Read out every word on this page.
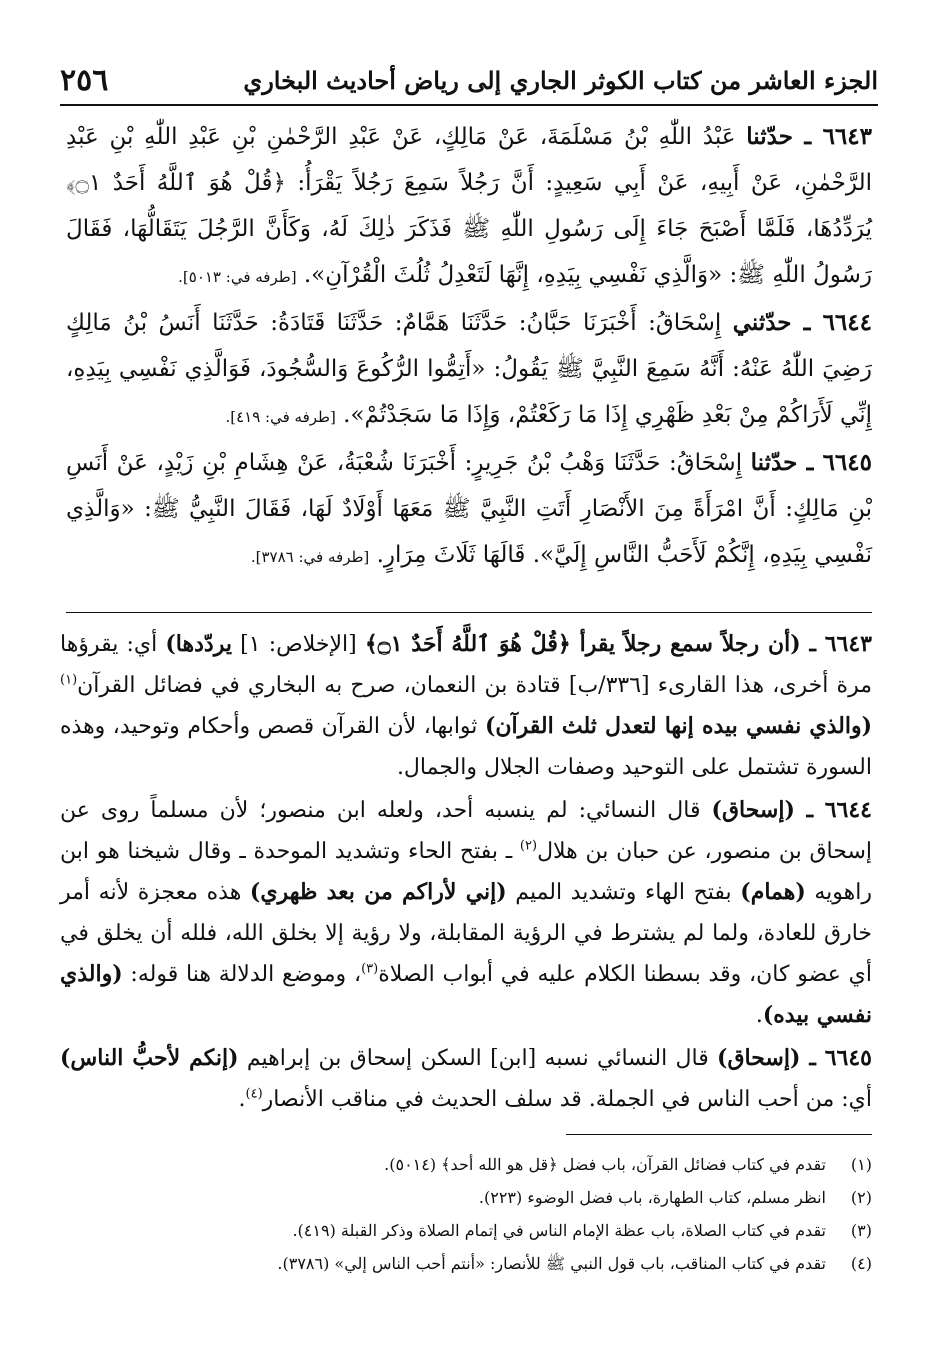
الجزء العاشر من كتاب الكوثر الجاري إلى رياض أحاديث البخاري
٢٥٦

٦٦٤٣ ـ حدّثنا عَبْدُ اللّٰهِ بْنُ مَسْلَمَةَ، عَنْ مَالِكٍ، عَنْ عَبْدِ الرَّحْمٰنِ بْنِ عَبْدِ اللّٰهِ بْنِ عَبْدِ الرَّحْمٰنِ، عَنْ أَبِيهِ، عَنْ أَبِي سَعِيدٍ: أَنَّ رَجُلاً سَمِعَ رَجُلاً يَقْرَأُ: ﴿قُلْ هُوَ ٱللَّهُ أَحَدٌ ۝١﴾ يُرَدِّدُهَا، فَلَمَّا أَصْبَحَ جَاءَ إِلَى رَسُولِ اللّٰهِ ﷺ فَذَكَرَ ذٰلِكَ لَهُ، وَكَأَنَّ الرَّجُلَ يَتَقَالُّهَا، فَقَالَ رَسُولُ اللّٰهِ ﷺ: «وَالَّذِي نَفْسِي بِيَدِهِ، إِنَّهَا لَتَعْدِلُ ثُلُثَ الْقُرْآنِ». [طرفه في: ٥٠١٣].

٦٦٤٤ ـ حدّثني إِسْحَاقُ: أَخْبَرَنَا حَبَّانُ: حَدَّثَنَا هَمَّامٌ: حَدَّثَنَا قَتَادَةُ: حَدَّثَنَا أَنَسُ بْنُ مَالِكٍ رَضِيَ اللّٰهُ عَنْهُ: أَنَّهُ سَمِعَ النَّبِيَّ ﷺ يَقُولُ: «أَتِمُّوا الرُّكُوعَ وَالسُّجُودَ، فَوَالَّذِي نَفْسِي بِيَدِهِ، إِنِّي لَأَرَاكُمْ مِنْ بَعْدِ ظَهْرِي إِذَا مَا رَكَعْتُمْ، وَإِذَا مَا سَجَدْتُمْ». [طرفه في: ٤١٩].

٦٦٤٥ ـ حدّثنا إِسْحَاقُ: حَدَّثَنَا وَهْبُ بْنُ جَرِيرٍ: أَخْبَرَنَا شُعْبَةُ، عَنْ هِشَامِ بْنِ زَيْدٍ، عَنْ أَنَسِ بْنِ مَالِكٍ: أَنَّ امْرَأَةً مِنَ الأَنْصَارِ أَتَتِ النَّبِيَّ ﷺ مَعَهَا أَوْلَادٌ لَهَا، فَقَالَ النَّبِيُّ ﷺ: «وَالَّذِي نَفْسِي بِيَدِهِ، إِنَّكُمْ لَأَحَبُّ النَّاسِ إِلَيَّ». قَالَهَا ثَلَاثَ مِرَارٍ. [طرفه في: ٣٧٨٦].

٦٦٤٣ ـ (أن رجلاً سمع رجلاً يقرأ ﴿قُلْ هُوَ ٱللَّهُ أَحَدٌ ۝١﴾ [الإخلاص: ١] يردّدها) أي: يقرؤها مرة أخرى، هذا القارىء [٣٣٦/ب] قتادة بن النعمان، صرح به البخاري في فضائل القرآن$^{(١)}$ (والذي نفسي بيده إنها لتعدل ثلث القرآن) ثوابها، لأن القرآن قصص وأحكام وتوحيد، وهذه السورة تشتمل على التوحيد وصفات الجلال والجمال.

٦٦٤٤ ـ (إسحاق) قال النسائي: لم ينسبه أحد، ولعله ابن منصور؛ لأن مسلماً روى عن إسحاق بن منصور، عن حبان بن هلال$^{(٢)}$ ـ بفتح الحاء وتشديد الموحدة ـ وقال شيخنا هو ابن راهويه (همام) بفتح الهاء وتشديد الميم (إني لأراكم من بعد ظهري) هذه معجزة لأنه أمر خارق للعادة، ولما لم يشترط في الرؤية المقابلة، ولا رؤية إلا بخلق الله، فلله أن يخلق في أي عضو كان، وقد بسطنا الكلام عليه في أبواب الصلاة$^{(٣)}$، وموضع الدلالة هنا قوله: (والذي نفسي بيده).

٦٦٤٥ ـ (إسحاق) قال النسائي نسبه [ابن] السكن إسحاق بن إبراهيم (إنكم لأحبُّ الناس) أي: من أحب الناس في الجملة. قد سلف الحديث في مناقب الأنصار$^{(٤)}$.

(١)
تقدم في كتاب فضائل القرآن، باب فضل ﴿قل هو الله أحد﴾ (٥٠١٤).
(٢)
انظر مسلم، كتاب الطهارة، باب فضل الوضوء (٢٢٣).
(٣)
تقدم في كتاب الصلاة، باب عظة الإمام الناس في إتمام الصلاة وذكر القبلة (٤١٩).
(٤)
تقدم في كتاب المناقب، باب قول النبي ﷺ للأنصار: «أنتم أحب الناس إلي» (٣٧٨٦).
